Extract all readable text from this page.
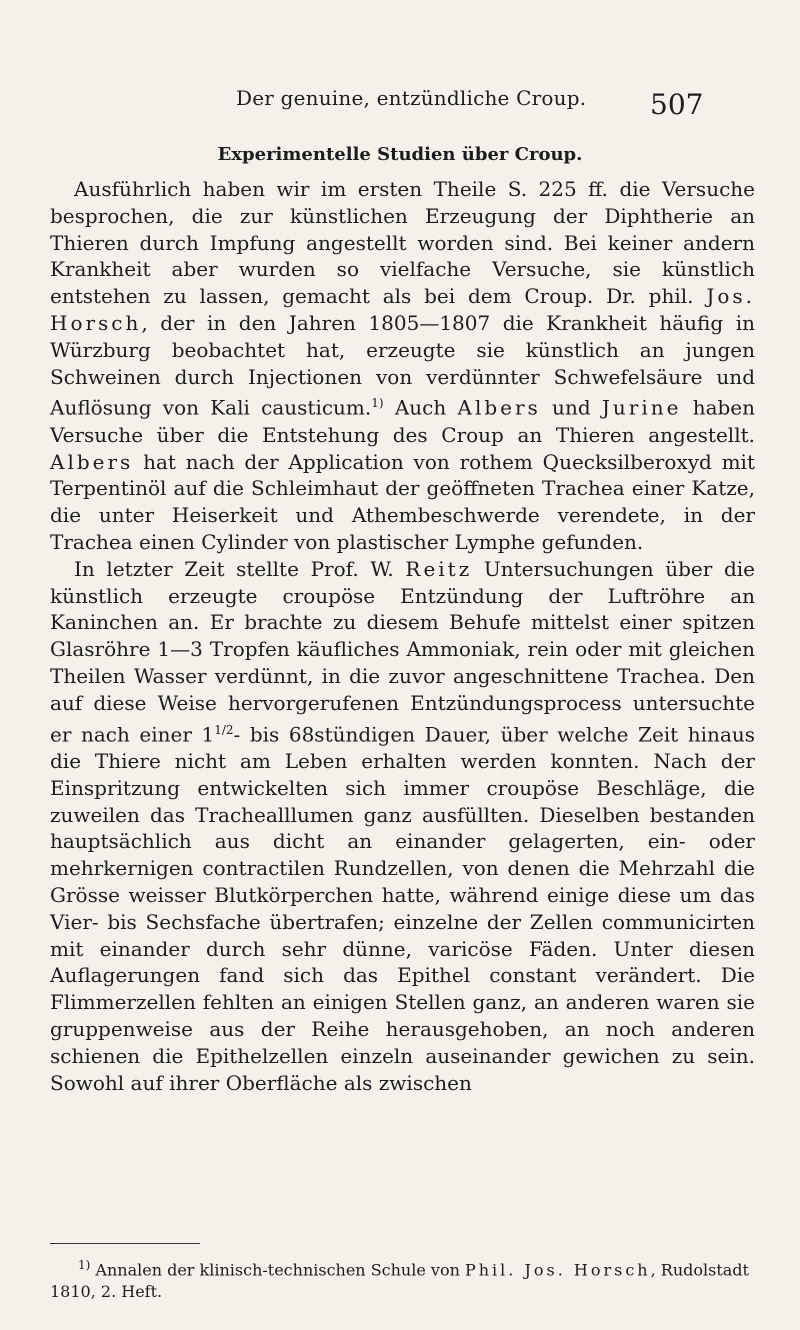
Der genuine, entzündliche Croup. 507
Experimentelle Studien über Croup.

Ausführlich haben wir im ersten Theile S. 225 ff. die Versuche besprochen, die zur künstlichen Erzeugung der Diphtherie an Thieren durch Impfung angestellt worden sind. Bei keiner andern Krankheit aber wurden so vielfache Versuche, sie künstlich entstehen zu lassen, gemacht als bei dem Croup. Dr. phil. Jos. Horsch, der in den Jahren 1805—1807 die Krankheit häufig in Würzburg beobachtet hat, erzeugte sie künstlich an jungen Schweinen durch Injectionen von verdünnter Schwefelsäure und Auflösung von Kali causticum.$^{1)}$ Auch Albers und Jurine haben Versuche über die Entstehung des Croup an Thieren angestellt. Albers hat nach der Application von rothem Quecksilberoxyd mit Terpentinöl auf die Schleimhaut der geöffneten Trachea einer Katze, die unter Heiserkeit und Athembeschwerde verendete, in der Trachea einen Cylinder von plastischer Lymphe gefunden.

In letzter Zeit stellte Prof. W. Reitz Untersuchungen über die künstlich erzeugte croupöse Entzündung der Luftröhre an Kaninchen an. Er brachte zu diesem Behufe mittelst einer spitzen Glasröhre 1—3 Tropfen käufliches Ammoniak, rein oder mit gleichen Theilen Wasser verdünnt, in die zuvor angeschnittene Trachea. Den auf diese Weise hervorgerufenen Entzündungsprocess untersuchte er nach einer $1^{1/2}-$ bis 68stündigen Dauer, über welche Zeit hinaus die Thiere nicht am Leben erhalten werden konnten. Nach der Einspritzung entwickelten sich immer croupöse Beschläge, die zuweilen das Trachealllumen ganz ausfüllten. Dieselben bestanden hauptsächlich aus dicht an einander gelagerten, ein- oder mehrkernigen contractilen Rundzellen, von denen die Mehrzahl die Grösse weisser Blutkörperchen hatte, während einige diese um das Vier- bis Sechsfache übertrafen; einzelne der Zellen communicirten mit einander durch sehr dünne, varicöse Fäden. Unter diesen Auflagerungen fand sich das Epithel constant verändert. Die Flimmerzellen fehlten an einigen Stellen ganz, an anderen waren sie gruppenweise aus der Reihe herausgehoben, an noch anderen schienen die Epithelzellen einzeln auseinander gewichen zu sein. Sowohl auf ihrer Oberfläche als zwischen

$^{1)}$ Annalen der klinisch-technischen Schule von Phil. Jos. Horsch, Rudolstadt 1810, 2. Heft.
